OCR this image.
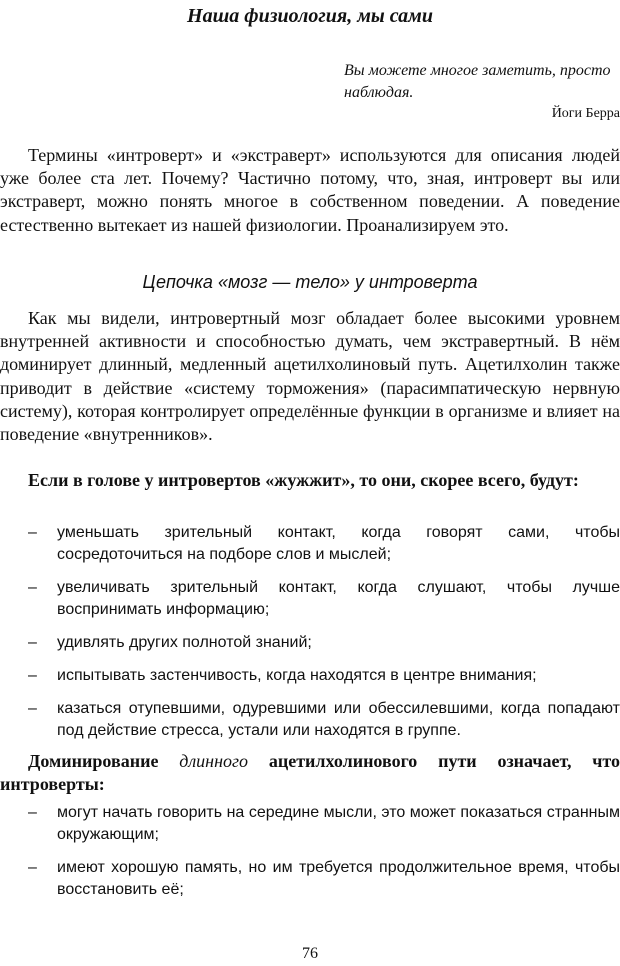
Наша физиология, мы сами
Вы можете многое заметить, просто наблюдая.
Йоги Берра

Термины «интроверт» и «экстраверт» используются для описания людей уже более ста лет. Почему? Частично потому, что, зная, интроверт вы или экстраверт, можно понять многое в собственном поведении. А поведение естественно вытекает из нашей физиологии. Проанализируем это.

Цепочка «мозг — тело» у интроверта

Как мы видели, интровертный мозг обладает более высокими уровнем внутренней активности и способностью думать, чем экстравертный. В нём доминирует длинный, медленный ацетилхолиновый путь. Ацетилхолин также приводит в действие «систему торможения» (парасимпатическую нервную систему), которая контролирует определённые функции в организме и влияет на поведение «внутренников».

Если в голове у интровертов «жужжит», то они, скорее всего, будут:

– уменьшать зрительный контакт, когда говорят сами, чтобы сосредоточиться на подборе слов и мыслей;
– увеличивать зрительный контакт, когда слушают, чтобы лучше воспринимать информацию;
– удивлять других полнотой знаний;
– испытывать застенчивость, когда находятся в центре внимания;
– казаться отупевшими, одуревшими или обессилевшими, когда попадают под действие стресса, устали или находятся в группе.

Доминирование длинного ацетилхолинового пути означает, что интроверты:

– могут начать говорить на середине мысли, это может показаться странным окружающим;
– имеют хорошую память, но им требуется продолжительное время, чтобы восстановить её;
76
